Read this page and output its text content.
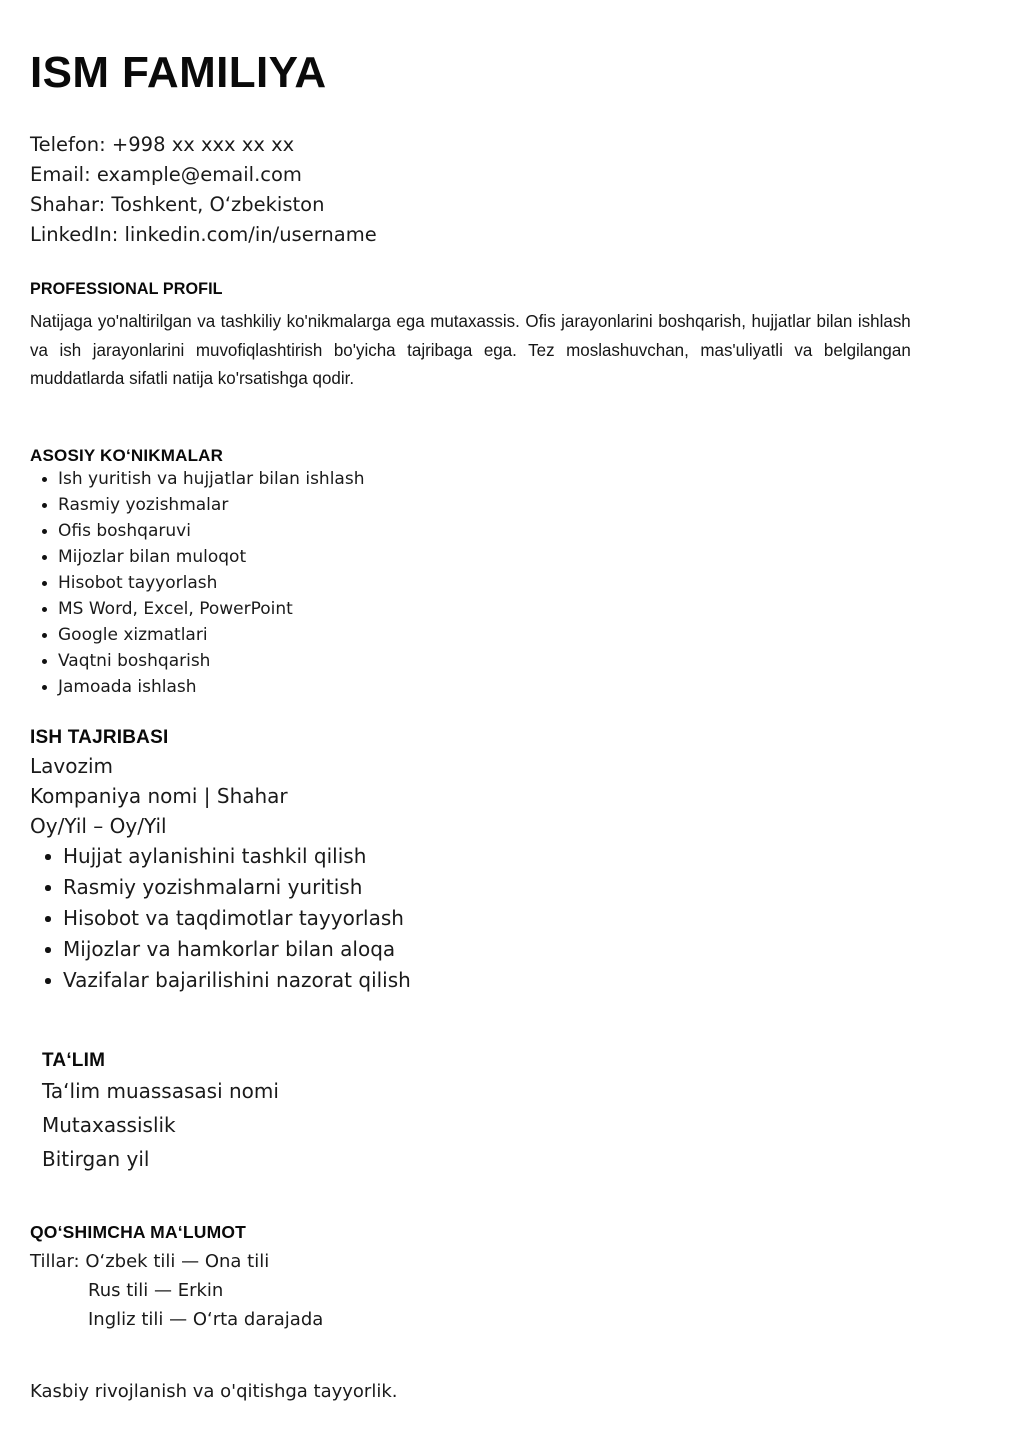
ISM FAMILIYA
Telefon: +998 xx xxx xx xx
Email: example@email.com
Shahar: Toshkent, O‘zbekiston
LinkedIn: linkedin.com/in/username
PROFESSIONAL PROFIL
Natijaga yo'naltirilgan va tashkiliy ko'nikmalarga ega mutaxassis. Ofis jarayonlarini boshqarish, hujjatlar bilan ishlash va ish jarayonlarini muvofiqlashtirish bo'yicha tajribaga ega. Tez moslashuvchan, mas'uliyatli va belgilangan muddatlarda sifatli natija ko'rsatishga qodir.
ASOSIY KO‘NIKMALAR
Ish yuritish va hujjatlar bilan ishlash
Rasmiy yozishmalar
Ofis boshqaruvi
Mijozlar bilan muloqot
Hisobot tayyorlash
MS Word, Excel, PowerPoint
Google xizmatlari
Vaqtni boshqarish
Jamoada ishlash
ISH TAJRIBASI
Lavozim
Kompaniya nomi | Shahar
Oy/Yil – Oy/Yil
Hujjat aylanishini tashkil qilish
Rasmiy yozishmalarni yuritish
Hisobot va taqdimotlar tayyorlash
Mijozlar va hamkorlar bilan aloqa
Vazifalar bajarilishini nazorat qilish
TA‘LIM
Ta‘lim muassasasi nomi
Mutaxassislik
Bitirgan yil
QO‘SHIMCHA MA‘LUMOT
Tillar: O‘zbek tili — Ona tili
Rus tili — Erkin
Ingliz tili — O‘rta darajada
Kasbiy rivojlanish va o'qitishga tayyorlik.
